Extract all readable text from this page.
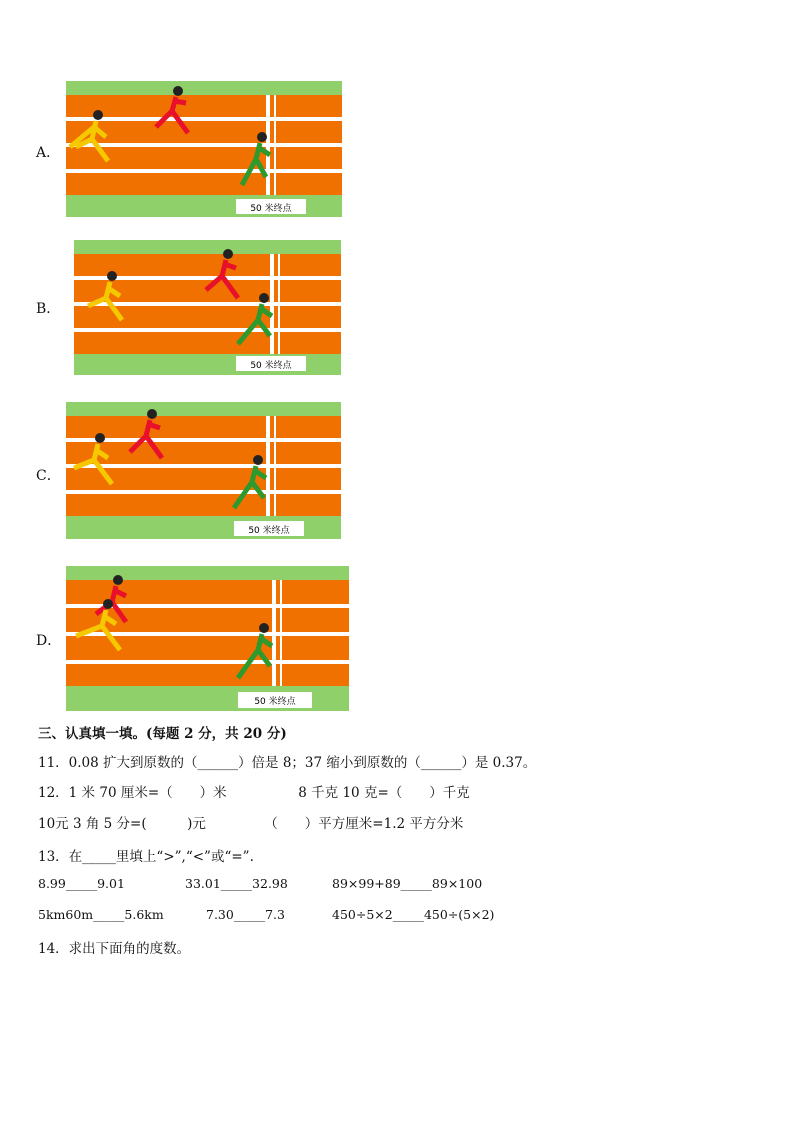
A．
50 米终点
B．
50 米终点
C．
50 米终点
D．
50 米终点
三、认真填一填。(每题 2 分，共 20 分)
11．0.08 扩大到原数的（______）倍是 8；37 缩小到原数的（______）是 0.37。
12．1 米 70 厘米=（　　）米	8 千克 10 克=（　　）千克
10元 3 角 5 分=(　　　)元	（　　）平方厘米=1.2 平方分米
13．在_____里填上“>”,“<”或“=”.
8.99_____9.01	33.01_____32.98	89×99+89_____89×100
5km60m_____5.6km	7.30_____7.3	450÷5×2_____450÷(5×2)
14．求出下面角的度数。
